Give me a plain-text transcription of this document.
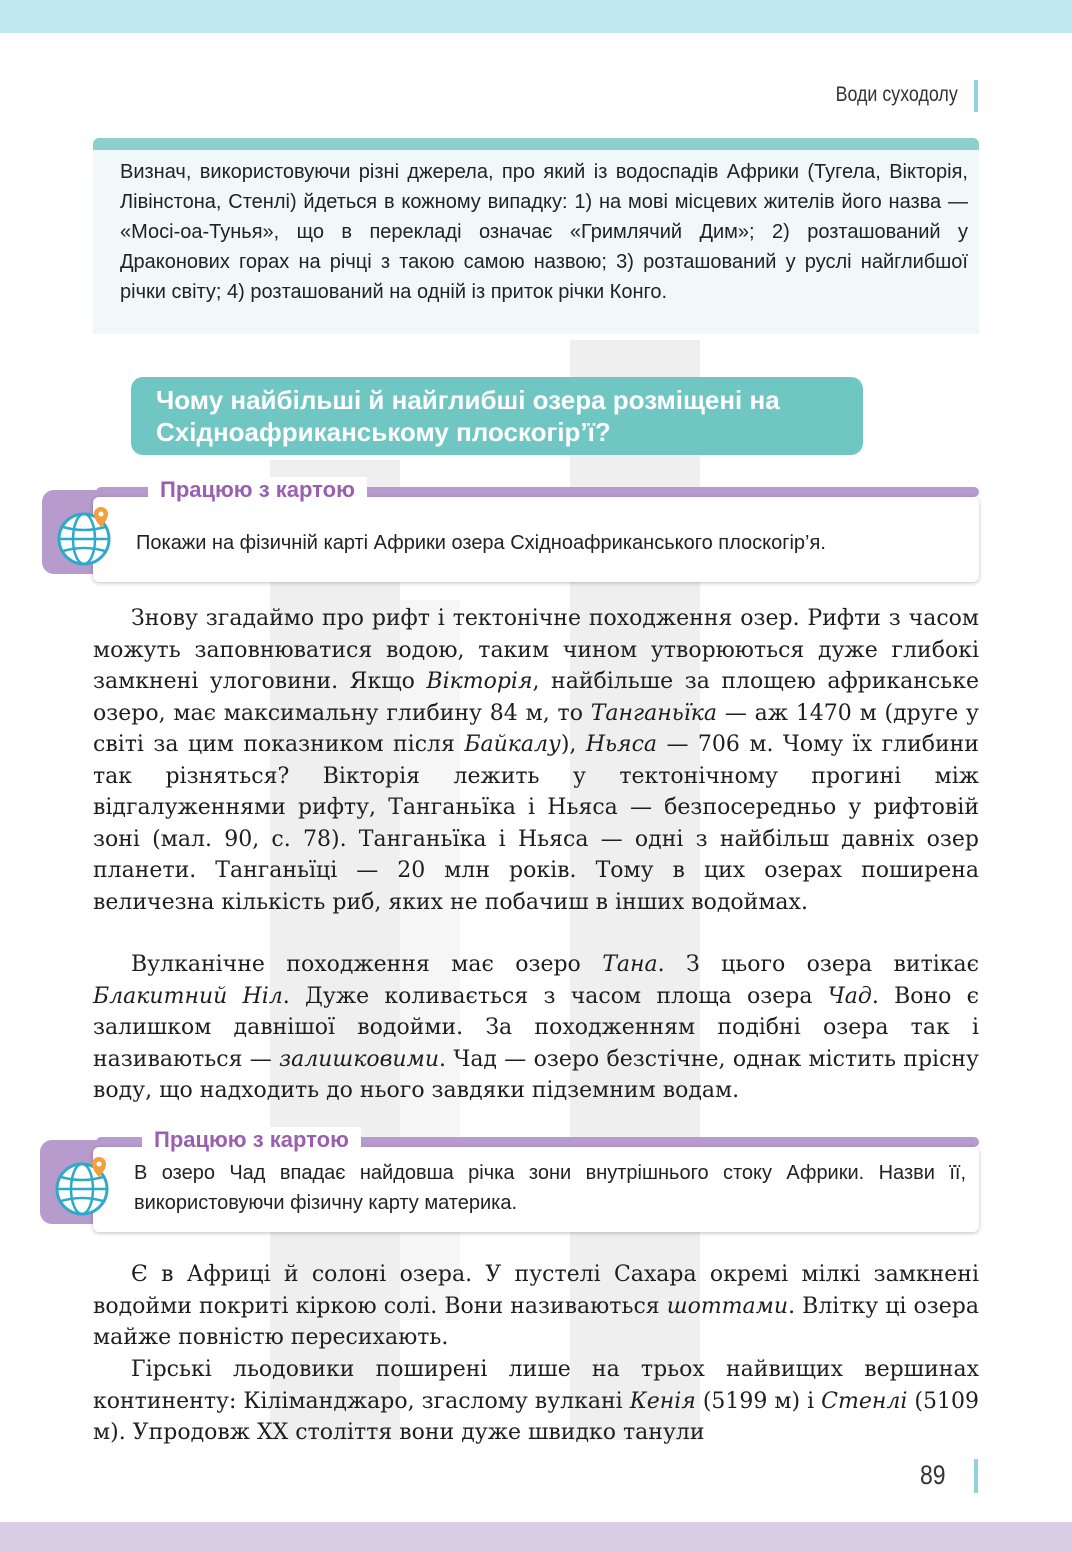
Води суходолу

Визнач, використовуючи різні джерела, про який із водоспадів Африки (Тугела, Вікторія, Лівінстона, Стенлі) йдеться в кожному випадку: 1) на мові місцевих жителів його назва — «Мосі-оа-Тунья», що в перекладі означає «Гримлячий Дим»; 2) розташований у Драконових горах на річці з такою самою назвою; 3) розташований у руслі найглибшої річки світу; 4) розташований на одній із приток річки Конго.

Чому найбільші й найглибші озера розміщені на Східноафриканському плоскогір’ї?
Працюю з картою

Покажи на фізичній карті Африки озера Східноафриканського плоскогір’я.

Знову згадаймо про рифт і тектонічне походження озер. Рифти з часом можуть заповнюватися водою, таким чином утворюються дуже глибокі замкнені улоговини. Якщо Вікторія, найбільше за площею африканське озеро, має максимальну глибину 84 м, то Танганьїка — аж 1470 м (друге у світі за цим показником після Байкалу), Ньяса — 706 м. Чому їх глибини так різняться? Вікторія лежить у тектонічному прогині між відгалуженнями рифту, Танганьїка і Ньяса — безпосередньо у рифтовій зоні (мал. 90, с. 78). Танганьїка і Ньяса — одні з найбільш давніх озер планети. Танганьїці — 20 млн років. Тому в цих озерах поширена величезна кількість риб, яких не побачиш в інших водоймах.

Вулканічне походження має озеро Тана. З цього озера витікає Блакитний Ніл. Дуже коливається з часом площа озера Чад. Воно є залишком давнішої водойми. За походженням подібні озера так і називаються — залишковими. Чад — озеро безстічне, однак містить прісну воду, що надходить до нього завдяки підземним водам.

Працюю з картою

В озеро Чад впадає найдовша річка зони внутрішнього стоку Африки. Назви її, використовуючи фізичну карту материка.

Є в Африці й солоні озера. У пустелі Сахара окремі мілкі замкнені водойми покриті кіркою солі. Вони називаються шоттами. Влітку ці озера майже повністю пересихають.

Гірські льодовики поширені лише на трьох найвищих вершинах континенту: Кіліманджаро, згаслому вулкані Кенія (5199 м) і Стенлі (5109 м). Упродовж XX століття вони дуже швидко танули

89
